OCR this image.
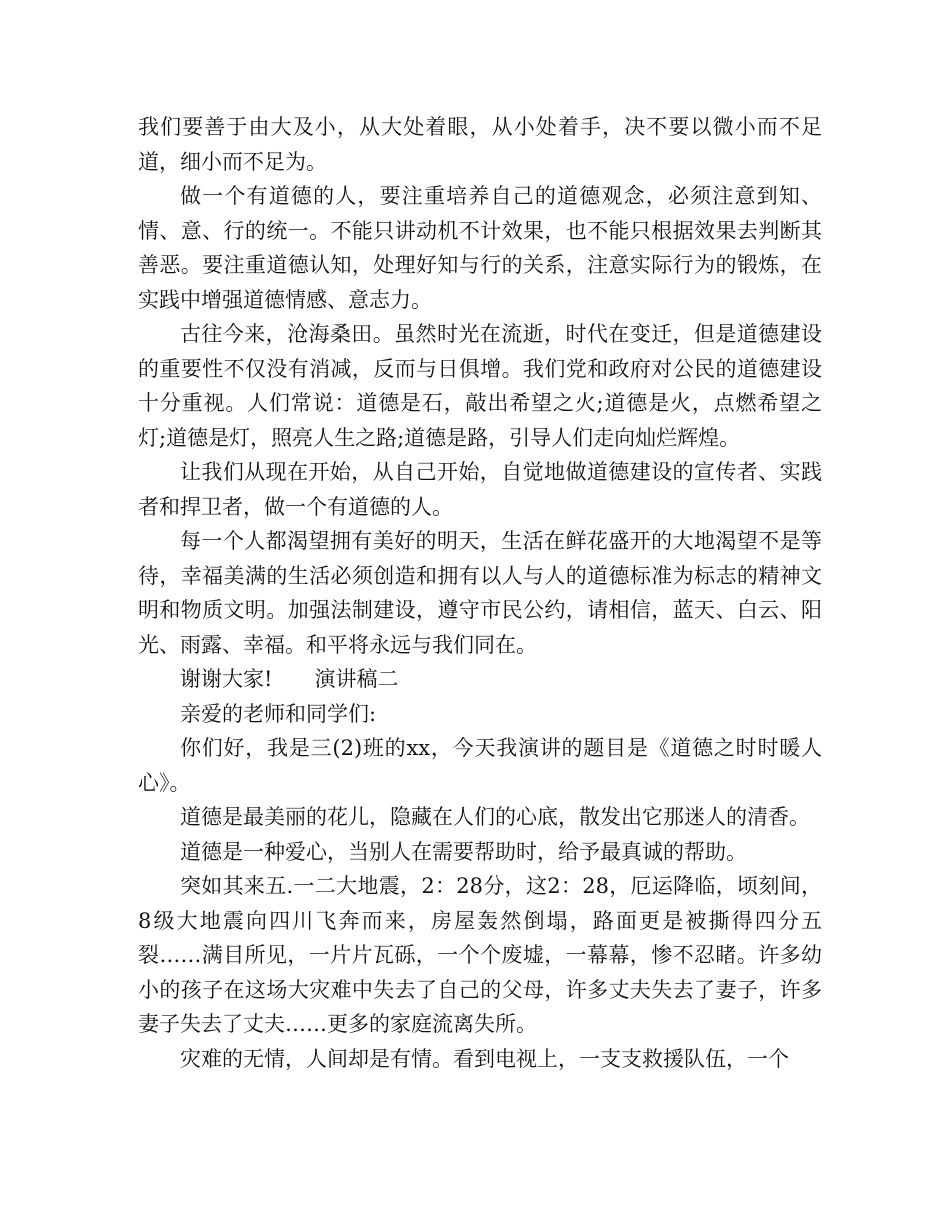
我们要善于由大及小，从大处着眼，从小处着手，决不要以微小而不足道，细小而不足为。

做一个有道德的人，要注重培养自己的道德观念，必须注意到知、情、意、行的统一。不能只讲动机不计效果，也不能只根据效果去判断其善恶。要注重道德认知，处理好知与行的关系，注意实际行为的锻炼，在实践中增强道德情感、意志力。

古往今来，沧海桑田。虽然时光在流逝，时代在变迁，但是道德建设的重要性不仅没有消减，反而与日俱增。我们党和政府对公民的道德建设十分重视。人们常说：道德是石，敲出希望之火;道德是火，点燃希望之灯;道德是灯，照亮人生之路;道德是路，引导人们走向灿烂辉煌。

让我们从现在开始，从自己开始，自觉地做道德建设的宣传者、实践者和捍卫者，做一个有道德的人。

每一个人都渴望拥有美好的明天，生活在鲜花盛开的大地渴望不是等待，幸福美满的生活必须创造和拥有以人与人的道德标准为标志的精神文明和物质文明。加强法制建设，遵守市民公约，请相信，蓝天、白云、阳光、雨露、幸福。和平将永远与我们同在。

谢谢大家!　　演讲稿二

亲爱的老师和同学们:

你们好，我是三(2)班的xx，今天我演讲的题目是《道德之时时暖人心》。

道德是最美丽的花儿，隐藏在人们的心底，散发出它那迷人的清香。

道德是一种爱心，当别人在需要帮助时，给予最真诚的帮助。

突如其来五.一二大地震，2：28分，这2：28，厄运降临，顷刻间，8级大地震向四川飞奔而来，房屋轰然倒塌，路面更是被撕得四分五裂……满目所见，一片片瓦砾，一个个废墟，一幕幕，惨不忍睹。许多幼小的孩子在这场大灾难中失去了自己的父母，许多丈夫失去了妻子，许多妻子失去了丈夫……更多的家庭流离失所。

灾难的无情，人间却是有情。看到电视上，一支支救援队伍，一个
